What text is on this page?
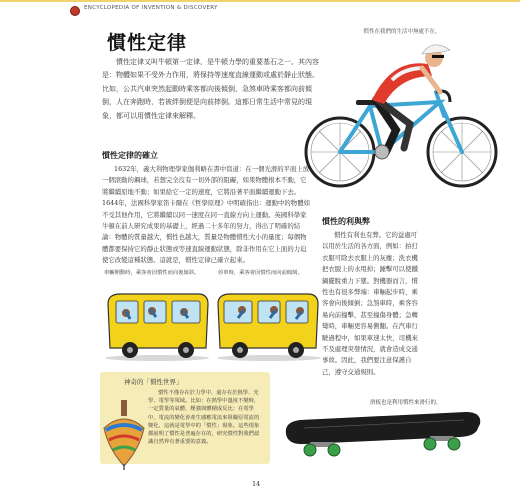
ENCYCLOPEDIA OF INVENTION & DISCOVERY
慣性定律
慣性定律又叫牛頓第一定律，是牛頓力學的重要基石之一。其內容是：物體如果不受外力作用，將保持等速度直線運動或處於靜止狀態。比如，公共汽車突然起動時乘客都向後傾倒，急煞車時乘客都向前傾倒，人在奔跑時，若被絆倒便是向前摔倒。這都日常生活中常見的現象，都可以用慣性定律來解釋。
慣性在我們的生活中無處不在。
慣性定律的確立
1632年，義大利物理學家伽利略在書中寫道：在一個光滑的平面上放一個滾動的鋼球，若想完全沒有一切外部的阻礙，如果物體根本不動，它將繼續原地不動；如果給它一定的速度，它將沿著平面繼續運動下去。1644年，法國科學家笛卡爾在《哲學原理》中明確指出：運動中的物體如不受其他作用，它將繼續以同一速度在同一直線方向上運動。英國科學家牛頓在前人研究成果的基礎上，經過二十多年的努力，得出了明確的結論：物體的質量越大，慣性也越大，質量是物體慣性大小的量度；每個物體都要保持它的靜止狀態或等速直線運動狀態，除非作用在它上面的力迫使它改變這種狀態。這就是，慣性定律已確立起來。
慣性的利與弊
慣性有利也有弊。它的益處可以用於生活的各方面，例如：拍打衣服可除去衣服上的灰塵；洗衣機把衣服上的水甩掉；錘擊可以使鐵鍋擺脫重力下墜。對機器而言，慣性也有很多弊端：車輛起步時，乘客會向後傾倒；急煞車時，乘客容易向前撞擊，甚至撞傷身體；急轉彎時，車輛更容易側翻。在汽車行駛過程中，如果車速太快，司機來不及處理突發情況，就會造成交通事故。因此，我們要注意保護自己，遵守交通規則。
車輛開動時，乘客會因慣性而向後傾斜。	停車時，乘客會因慣性而向前傾倒。
神奇的「慣性世界」
慣性不僅存在於力學中，還存在於熱學、光學、電學等領域。比如：在熱學中溫度不變時，一定質量的氣體，壓強與體積成反比；在電學中，電流的變化會產生感應電流來阻礙原電流的變化，這就是電學中的「慣性」現象。這些現象都說明了慣性是普遍存在的，研究慣性對我們認識自然界有著重要的意義。
滑板也是利用慣性來滑行的。
14
